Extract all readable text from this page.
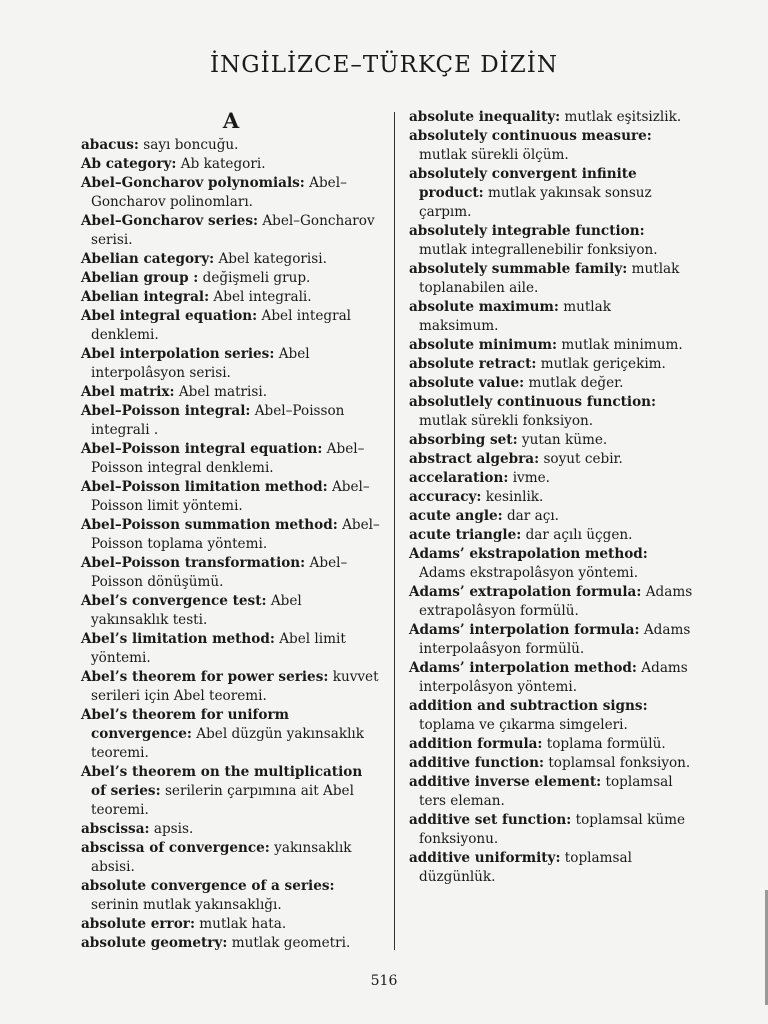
İNGİLİZCE–TÜRKÇE DİZİN
A
abacus: sayı boncuğu.
Ab category: Ab kategori.
Abel–Goncharov polynomials: Abel–Goncharov polinomları.
Abel–Goncharov series: Abel–Goncharov serisi.
Abelian category: Abel kategorisi.
Abelian group : değişmeli grup.
Abelian integral: Abel integrali.
Abel integral equation: Abel integral denklemi.
Abel interpolation series: Abel interpolâsyon serisi.
Abel matrix: Abel matrisi.
Abel–Poisson integral: Abel–Poisson integrali .
Abel–Poisson integral equation: Abel–Poisson integral denklemi.
Abel–Poisson limitation method: Abel–Poisson limit yöntemi.
Abel–Poisson summation method: Abel–Poisson toplama yöntemi.
Abel–Poisson transformation: Abel–Poisson dönüşümü.
Abel’s convergence test: Abel yakınsaklık testi.
Abel’s limitation method: Abel limit yöntemi.
Abel’s theorem for power series: kuvvet serileri için Abel teoremi.
Abel’s theorem for uniform convergence: Abel düzgün yakınsaklık teoremi.
Abel’s theorem on the multiplication of series: serilerin çarpımına ait Abel teoremi.
abscissa: apsis.
abscissa of convergence: yakınsaklık absisi.
absolute convergence of a series: serinin mutlak yakınsaklığı.
absolute error: mutlak hata.
absolute geometry: mutlak geometri.
absolute inequality: mutlak eşitsizlik.
absolutely continuous measure: mutlak sürekli ölçüm.
absolutely convergent infinite product: mutlak yakınsak sonsuz çarpım.
absolutely integrable function: mutlak integrallenebilir fonksiyon.
absolutely summable family: mutlak toplanabilen aile.
absolute maximum: mutlak maksimum.
absolute minimum: mutlak minimum.
absolute retract: mutlak geriçekim.
absolute value: mutlak değer.
absolutlely continuous function: mutlak sürekli fonksiyon.
absorbing set: yutan küme.
abstract algebra: soyut cebir.
accelaration: ivme.
accuracy: kesinlik.
acute angle: dar açı.
acute triangle: dar açılı üçgen.
Adams’ ekstrapolation method: Adams ekstrapolâsyon yöntemi.
Adams’ extrapolation formula: Adams extrapolâsyon formülü.
Adams’ interpolation formula: Adams interpolaâsyon formülü.
Adams’ interpolation method: Adams interpolâsyon yöntemi.
addition and subtraction signs: toplama ve çıkarma simgeleri.
addition formula: toplama formülü.
additive function: toplamsal fonksiyon.
additive inverse element: toplamsal ters eleman.
additive set function: toplamsal küme fonksiyonu.
additive uniformity: toplamsal düzgünlük.
516
